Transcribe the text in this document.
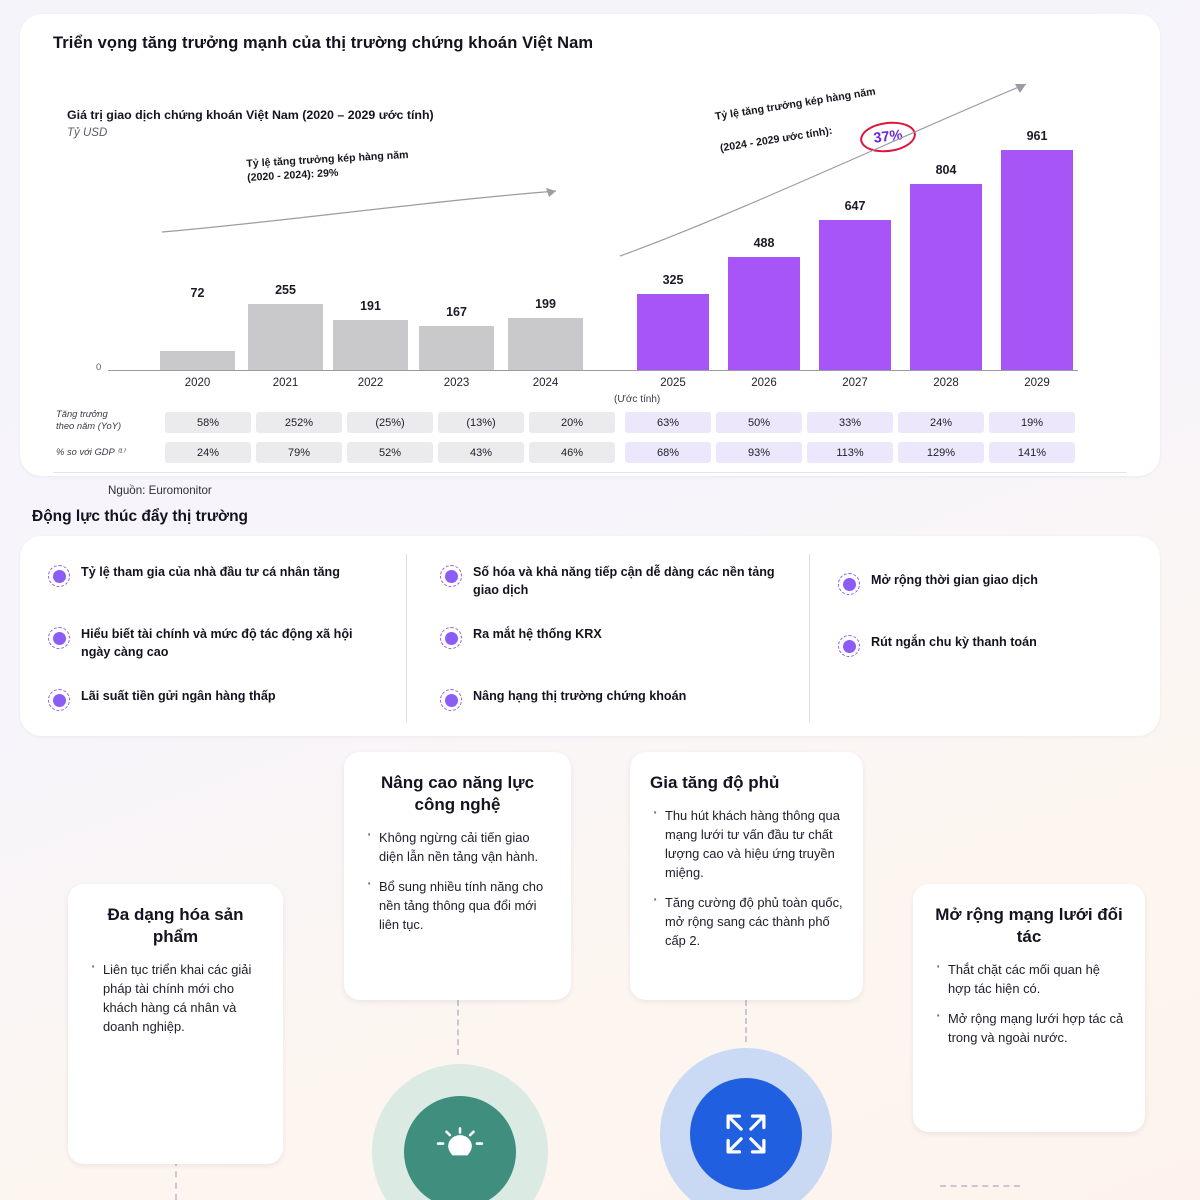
Triển vọng tăng trưởng mạnh của thị trường chứng khoán Việt Nam
Giá trị giao dịch chứng khoán Việt Nam (2020 – 2029 ước tính)
Tỷ USD
Tỷ lệ tăng trưởng kép hàng năm
(2020 - 2024): 29%
Tỷ lệ tăng trưởng kép hàng năm
(2024 - 2029 ước tính):	37%
0
72	255
191	167
199
325
488
647
804
961
2020	2021	2022	2023	2024	2025	2026	2027	2028	2029
(Ước tính)
Tăng trưởng
theo năm (YoY)	58%	252%	(25%)	(13%)	20%	63%	50%	33%	24%	19%
% so với GDP ⁽¹⁾	24%	79%	52%	43%	46%	68%	93%	113%	129%	141%
Nguồn: Euromonitor
Động lực thúc đẩy thị trường
Tỷ lệ tham gia của nhà đầu tư cá nhân tăng
Hiểu biết tài chính và mức độ tác động xã hội ngày càng cao
Lãi suất tiền gửi ngân hàng thấp
Số hóa và khả năng tiếp cận dễ dàng các nền tảng giao dịch
Ra mắt hệ thống KRX
Nâng hạng thị trường chứng khoán
Mở rộng thời gian giao dịch
Rút ngắn chu kỳ thanh toán
Đa dạng hóa sản phẩm
· Liên tục triển khai các giải pháp tài chính mới cho khách hàng cá nhân và doanh nghiệp.
Nâng cao năng lực công nghệ
· Không ngừng cải tiến giao diện lẫn nền tảng vận hành.
· Bổ sung nhiều tính năng cho nền tảng thông qua đổi mới liên tục.
Gia tăng độ phủ
· Thu hút khách hàng thông qua mạng lưới tư vấn đầu tư chất lượng cao và hiệu ứng truyền miệng.
· Tăng cường độ phủ toàn quốc, mở rộng sang các thành phố cấp 2.
Mở rộng mạng lưới đối tác
· Thắt chặt các mối quan hệ hợp tác hiện có.
· Mở rộng mạng lưới hợp tác cả trong và ngoài nước.
